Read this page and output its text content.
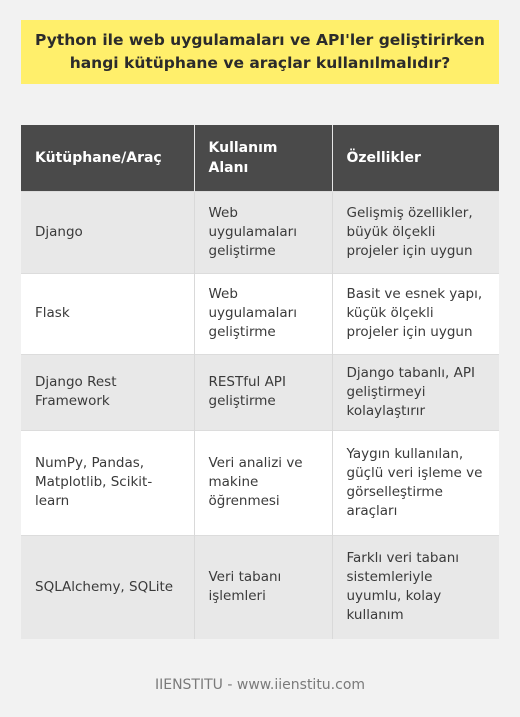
Python ile web uygulamaları ve API'ler geliştirirken hangi kütüphane ve araçlar kullanılmalıdır?
Kütüphane/Araç	Kullanım Alanı	Özellikler
Django	Web uygulamaları geliştirme	Gelişmiş özellikler, büyük ölçekli projeler için uygun
Flask	Web uygulamaları geliştirme	Basit ve esnek yapı, küçük ölçekli projeler için uygun
Django Rest Framework	RESTful API geliştirme	Django tabanlı, API geliştirmeyi kolaylaştırır
NumPy, Pandas, Matplotlib, Scikit-learn	Veri analizi ve makine öğrenmesi	Yaygın kullanılan, güçlü veri işleme ve görselleştirme araçları
SQLAlchemy, SQLite	Veri tabanı işlemleri	Farklı veri tabanı sistemleriyle uyumlu, kolay kullanım
IIENSTITU - www.iienstitu.com
